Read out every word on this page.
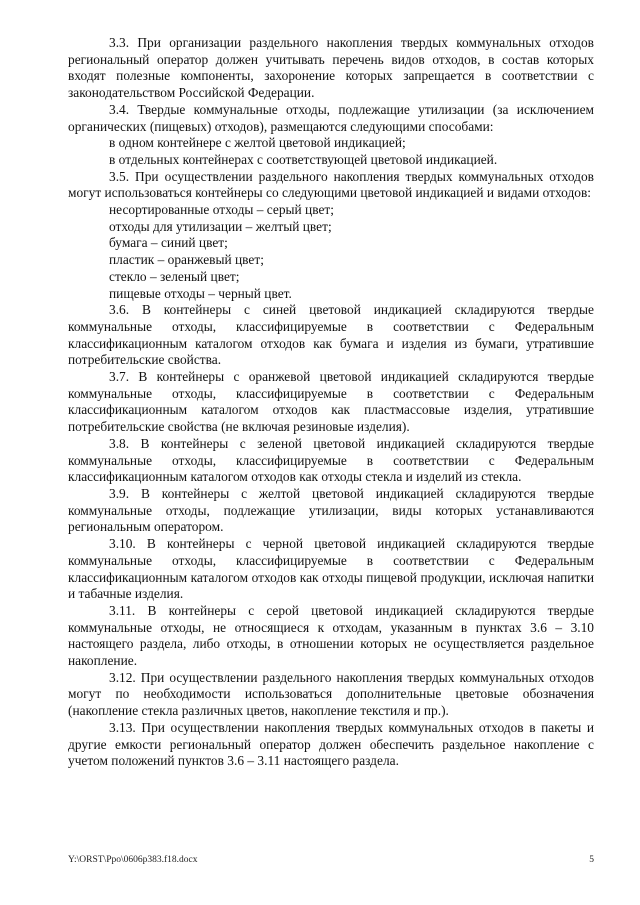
3.3. При организации раздельного накопления твердых коммунальных отходов региональный оператор должен учитывать перечень видов отходов, в состав которых входят полезные компоненты, захоронение которых запрещается в соответствии с законодательством Российской Федерации.

3.4. Твердые коммунальные отходы, подлежащие утилизации (за исключением органических (пищевых) отходов), размещаются следующими способами:

в одном контейнере с желтой цветовой индикацией;

в отдельных контейнерах с соответствующей цветовой индикацией.

3.5. При осуществлении раздельного накопления твердых коммунальных отходов могут использоваться контейнеры со следующими цветовой индикацией и видами отходов:

несортированные отходы – серый цвет;

отходы для утилизации – желтый цвет;

бумага – синий цвет;

пластик – оранжевый цвет;

стекло – зеленый цвет;

пищевые отходы – черный цвет.

3.6. В контейнеры с синей цветовой индикацией складируются твердые коммунальные отходы, классифицируемые в соответствии с Федеральным классификационным каталогом отходов как бумага и изделия из бумаги, утратившие потребительские свойства.

3.7. В контейнеры с оранжевой цветовой индикацией складируются твердые коммунальные отходы, классифицируемые в соответствии с Федеральным классификационным каталогом отходов как пластмассовые изделия, утратившие потребительские свойства (не включая резиновые изделия).

3.8. В контейнеры с зеленой цветовой индикацией складируются твердые коммунальные отходы, классифицируемые в соответствии с Федеральным классификационным каталогом отходов как отходы стекла и изделий из стекла.

3.9. В контейнеры с желтой цветовой индикацией складируются твердые коммунальные отходы, подлежащие утилизации, виды которых устанавливаются региональным оператором.

3.10. В контейнеры с черной цветовой индикацией складируются твердые коммунальные отходы, классифицируемые в соответствии с Федеральным классификационным каталогом отходов как отходы пищевой продукции, исключая напитки и табачные изделия.

3.11. В контейнеры с серой цветовой индикацией складируются твердые коммунальные отходы, не относящиеся к отходам, указанным в пунктах 3.6 – 3.10 настоящего раздела, либо отходы, в отношении которых не осуществляется раздельное накопление.

3.12. При осуществлении раздельного накопления твердых коммунальных отходов могут по необходимости использоваться дополнительные цветовые обозначения (накопление стекла различных цветов, накопление текстиля и пр.).

3.13. При осуществлении накопления твердых коммунальных отходов в пакеты и другие емкости региональный оператор должен обеспечить раздельное накопление с учетом положений пунктов 3.6 – 3.11 настоящего раздела.

Y:\ORST\Ppo\0606p383.f18.docx	5
